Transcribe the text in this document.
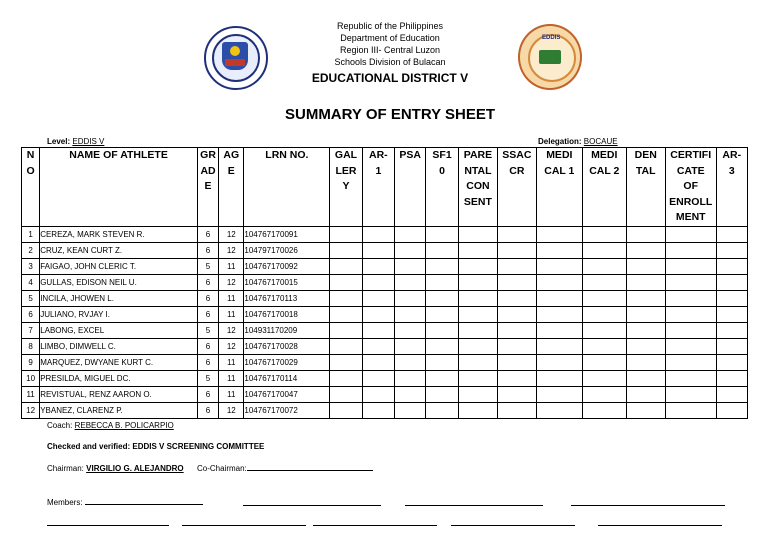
EDDIS
Republic of the Philippines
Department of Education
Region III- Central Luzon
Schools Division of Bulacan
EDUCATIONAL DISTRICT V
SUMMARY OF ENTRY SHEET
Level: EDDIS V	Delegation: BOCAUE
N
O	NAME OF ATHLETE	GR
AD
E	AG
E	LRN NO.	GAL
LER
Y	AR-
1	PSA	SF1
0	PARE
NTAL
CON
SENT	SSAC
CR	MEDI
CAL 1	MEDI
CAL 2	DEN
TAL	CERTIFI
CATE
OF
ENROLL
MENT	AR-
3
1	CEREZA, MARK STEVEN R.	6	12	104767170091											
2	CRUZ, KEAN CURT Z.	6	12	104797170026											
3	FAIGAO, JOHN CLERIC T.	5	11	104767170092											
4	GULLAS, EDISON NEIL U.	6	12	104767170015											
5	INCILA, JHOWEN L.	6	11	104767170113											
6	JULIANO, RVJAY I.	6	11	104767170018											
7	LABONG, EXCEL	5	12	104931170209											
8	LIMBO, DIMWELL C.	6	12	104767170028											
9	MARQUEZ, DWYANE KURT C.	6	11	104767170029											
10	PRESILDA, MIGUEL DC.	5	11	104767170114											
11	REVISTUAL, RENZ AARON O.	6	11	104767170047											
12	YBANEZ, CLARENZ P.	6	12	104767170072											
Coach: REBECCA B. POLICARPIO
Checked and verified: EDDIS V SCREENING COMMITTEE
Chairman: VIRGILIO G. ALEJANDRO Co-Chairman:
Members:
